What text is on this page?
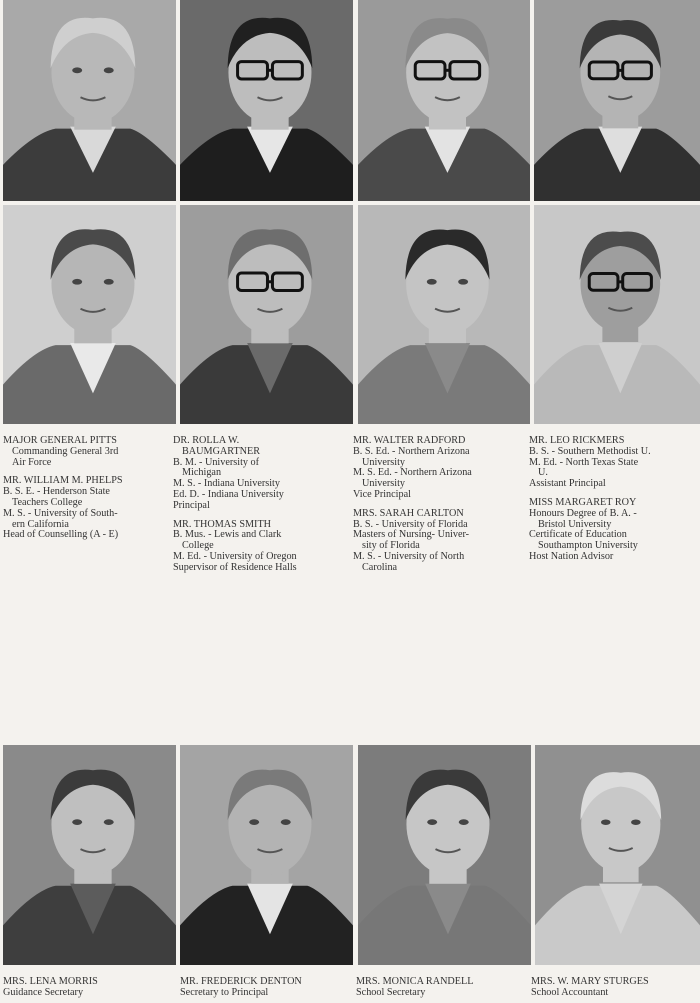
MAJOR GENERAL PITTS
Commanding General 3rd
Air Force
MR. WILLIAM M. PHELPS
B. S. E. - Henderson State
Teachers College
M. S. - University of South-
ern California
Head of Counselling (A - E)
DR. ROLLA W.
BAUMGARTNER
B. M. - University of
Michigan
M. S. - Indiana University
Ed. D. - Indiana University
Principal
MR. THOMAS SMITH
B. Mus. - Lewis and Clark
College
M. Ed. - University of Oregon
Supervisor of Residence Halls
MR. WALTER RADFORD
B. S. Ed. - Northern Arizona
University
M. S. Ed. - Northern Arizona
University
Vice Principal
MRS. SARAH CARLTON
B. S. - University of Florida
Masters of Nursing- Univer-
sity of Florida
M. S. - University of North
Carolina
MR. LEO RICKMERS
B. S. - Southern Methodist U.
M. Ed. - North Texas State
U.
Assistant Principal
MISS MARGARET ROY
Honours Degree of B. A. -
Bristol University
Certificate of Education
Southampton University
Host Nation Advisor
MRS. LENA MORRIS
Guidance Secretary
MR. FREDERICK DENTON
Secretary to Principal
MRS. MONICA RANDELL
School Secretary
MRS. W. MARY STURGES
School Accountant
